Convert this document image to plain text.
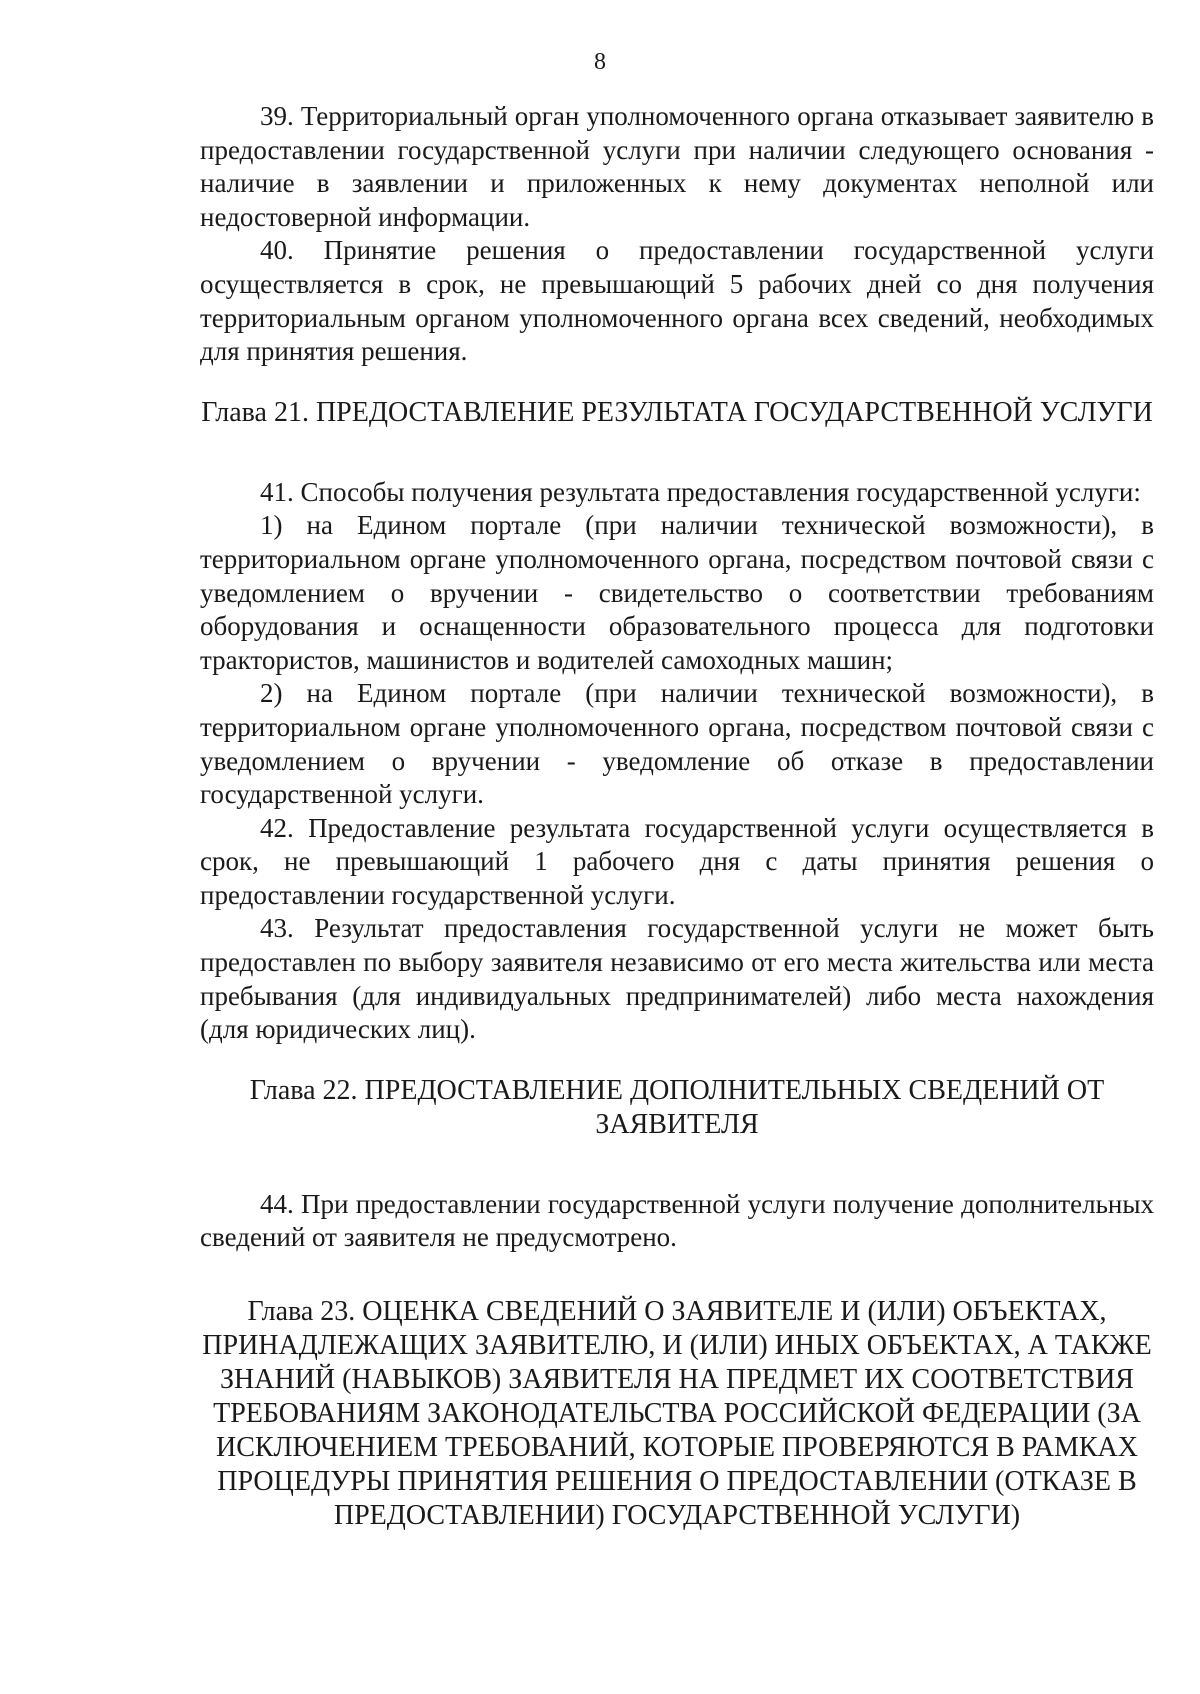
8

39. Территориальный орган уполномоченного органа отказывает заявителю в предоставлении государственной услуги при наличии следующего основания - наличие в заявлении и приложенных к нему документах неполной или недостоверной информации.

40. Принятие решения о предоставлении государственной услуги осуществляется в срок, не превышающий 5 рабочих дней со дня получения территориальным органом уполномоченного органа всех сведений, необходимых для принятия решения.

Глава 21. ПРЕДОСТАВЛЕНИЕ РЕЗУЛЬТАТА ГОСУДАРСТВЕННОЙ УСЛУГИ

41. Способы получения результата предоставления государственной услуги:

1) на Едином портале (при наличии технической возможности), в территориальном органе уполномоченного органа, посредством почтовой связи с уведомлением о вручении - свидетельство о соответствии требованиям оборудования и оснащенности образовательного процесса для подготовки трактористов, машинистов и водителей самоходных машин;

2) на Едином портале (при наличии технической возможности), в территориальном органе уполномоченного органа, посредством почтовой связи с уведомлением о вручении - уведомление об отказе в предоставлении государственной услуги.

42. Предоставление результата государственной услуги осуществляется в срок, не превышающий 1 рабочего дня с даты принятия решения о предоставлении государственной услуги.

43. Результат предоставления государственной услуги не может быть предоставлен по выбору заявителя независимо от его места жительства или места пребывания (для индивидуальных предпринимателей) либо места нахождения (для юридических лиц).

Глава 22. ПРЕДОСТАВЛЕНИЕ ДОПОЛНИТЕЛЬНЫХ СВЕДЕНИЙ ОТ ЗАЯВИТЕЛЯ

44. При предоставлении государственной услуги получение дополнительных сведений от заявителя не предусмотрено.

Глава 23. ОЦЕНКА СВЕДЕНИЙ О ЗАЯВИТЕЛЕ И (ИЛИ) ОБЪЕКТАХ, ПРИНАДЛЕЖАЩИХ ЗАЯВИТЕЛЮ, И (ИЛИ) ИНЫХ ОБЪЕКТАХ, А ТАКЖЕ ЗНАНИЙ (НАВЫКОВ) ЗАЯВИТЕЛЯ НА ПРЕДМЕТ ИХ СООТВЕТСТВИЯ ТРЕБОВАНИЯМ ЗАКОНОДАТЕЛЬСТВА РОССИЙСКОЙ ФЕДЕРАЦИИ (ЗА ИСКЛЮЧЕНИЕМ ТРЕБОВАНИЙ, КОТОРЫЕ ПРОВЕРЯЮТСЯ В РАМКАХ ПРОЦЕДУРЫ ПРИНЯТИЯ РЕШЕНИЯ О ПРЕДОСТАВЛЕНИИ (ОТКАЗЕ В ПРЕДОСТАВЛЕНИИ) ГОСУДАРСТВЕННОЙ УСЛУГИ)
